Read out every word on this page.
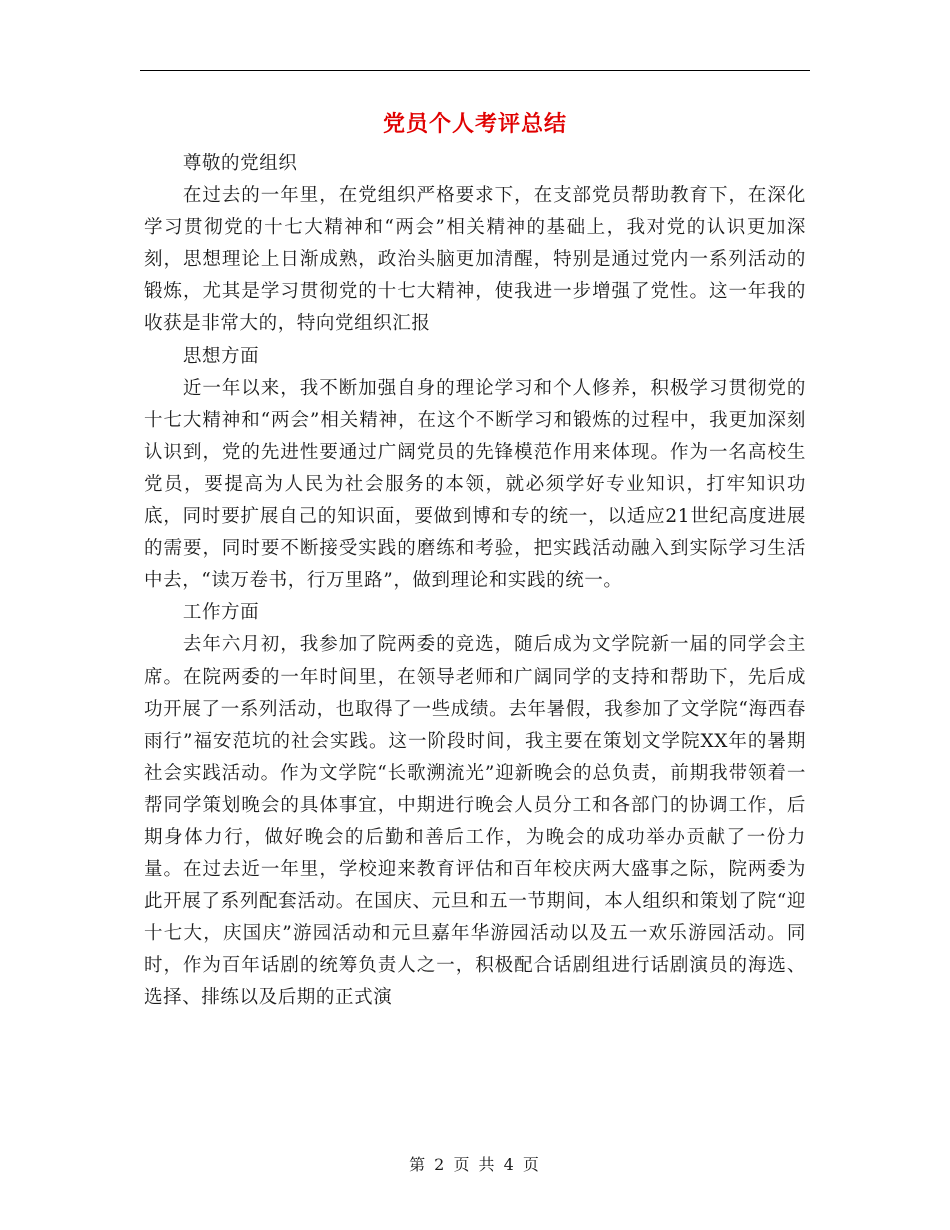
党员个人考评总结

尊敬的党组织

在过去的一年里，在党组织严格要求下，在支部党员帮助教育下，在深化学习贯彻党的十七大精神和“两会”相关精神的基础上，我对党的认识更加深刻，思想理论上日渐成熟，政治头脑更加清醒，特别是通过党内一系列活动的锻炼，尤其是学习贯彻党的十七大精神，使我进一步增强了党性。这一年我的收获是非常大的，特向党组织汇报

思想方面

近一年以来，我不断加强自身的理论学习和个人修养，积极学习贯彻党的十七大精神和“两会”相关精神，在这个不断学习和锻炼的过程中，我更加深刻认识到，党的先进性要通过广阔党员的先锋模范作用来体现。作为一名高校生党员，要提高为人民为社会服务的本领，就必须学好专业知识，打牢知识功底，同时要扩展自己的知识面，要做到博和专的统一，以适应21世纪高度进展的需要，同时要不断接受实践的磨练和考验，把实践活动融入到实际学习生活中去，“读万卷书，行万里路”，做到理论和实践的统一。

工作方面

去年六月初，我参加了院两委的竞选，随后成为文学院新一届的同学会主席。在院两委的一年时间里，在领导老师和广阔同学的支持和帮助下，先后成功开展了一系列活动，也取得了一些成绩。去年暑假，我参加了文学院“海西春雨行”福安范坑的社会实践。这一阶段时间，我主要在策划文学院XX年的暑期社会实践活动。作为文学院“长歌溯流光”迎新晚会的总负责，前期我带领着一帮同学策划晚会的具体事宜，中期进行晚会人员分工和各部门的协调工作，后期身体力行，做好晚会的后勤和善后工作，为晚会的成功举办贡献了一份力量。在过去近一年里，学校迎来教育评估和百年校庆两大盛事之际，院两委为此开展了系列配套活动。在国庆、元旦和五一节期间，本人组织和策划了院“迎十七大，庆国庆”游园活动和元旦嘉年华游园活动以及五一欢乐游园活动。同时，作为百年话剧的统筹负责人之一，积极配合话剧组进行话剧演员的海选、选择、排练以及后期的正式演

第 2 页 共 4 页
